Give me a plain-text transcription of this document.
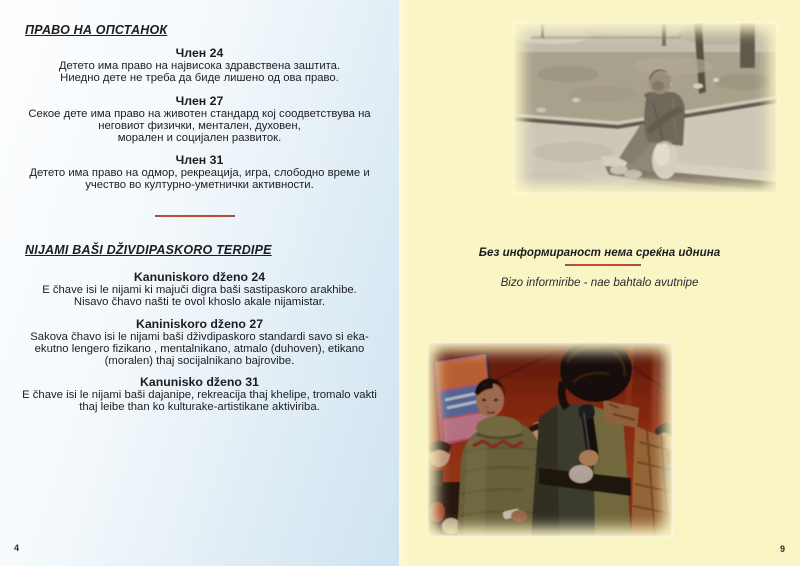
ПРАВО НА ОПСТАНОК
Член 24
Детето има право на највисока здравствена заштита.
Ниедно дете не треба да биде лишено од ова право.
Член 27
Секое дете има право на животен стандард кој соодветствува на
неговиот физички, ментален, духовен,
морален и социјален развиток.
Член 31
Детето има право на одмор, рекреација, игра, слободно време и
учество во културно-уметнички активности.
NIJAMI BAŠI DŽIVDIPASKORO TERDIPE
Kanuniskoro dženo 24
E čhave isi le nijami ki majuči digra baši sastipaskoro arakhibe.
Nisavo čhavo našti te ovol khoslo akale nijamistar.
Kaniniskoro dženo 27
Sakova čhavo isi le nijami baši dživdipaskoro standardi savo si eka-
ekutno lengero fizikano , mentalnikano, atmalo (duhoven), etikano
(moralen) thaj socijalnikano bajrovibe.
Kanunisko dženo 31
E čhave isi le nijami baši dajanipe, rekreacija thaj khelipe, tromalo vakti
thaj leibe than ko kulturake-artistikane aktiviriba.
4
Без информираност нема среќна иднина
Bizo informiribe - nae bahtalo avutnipe
9
